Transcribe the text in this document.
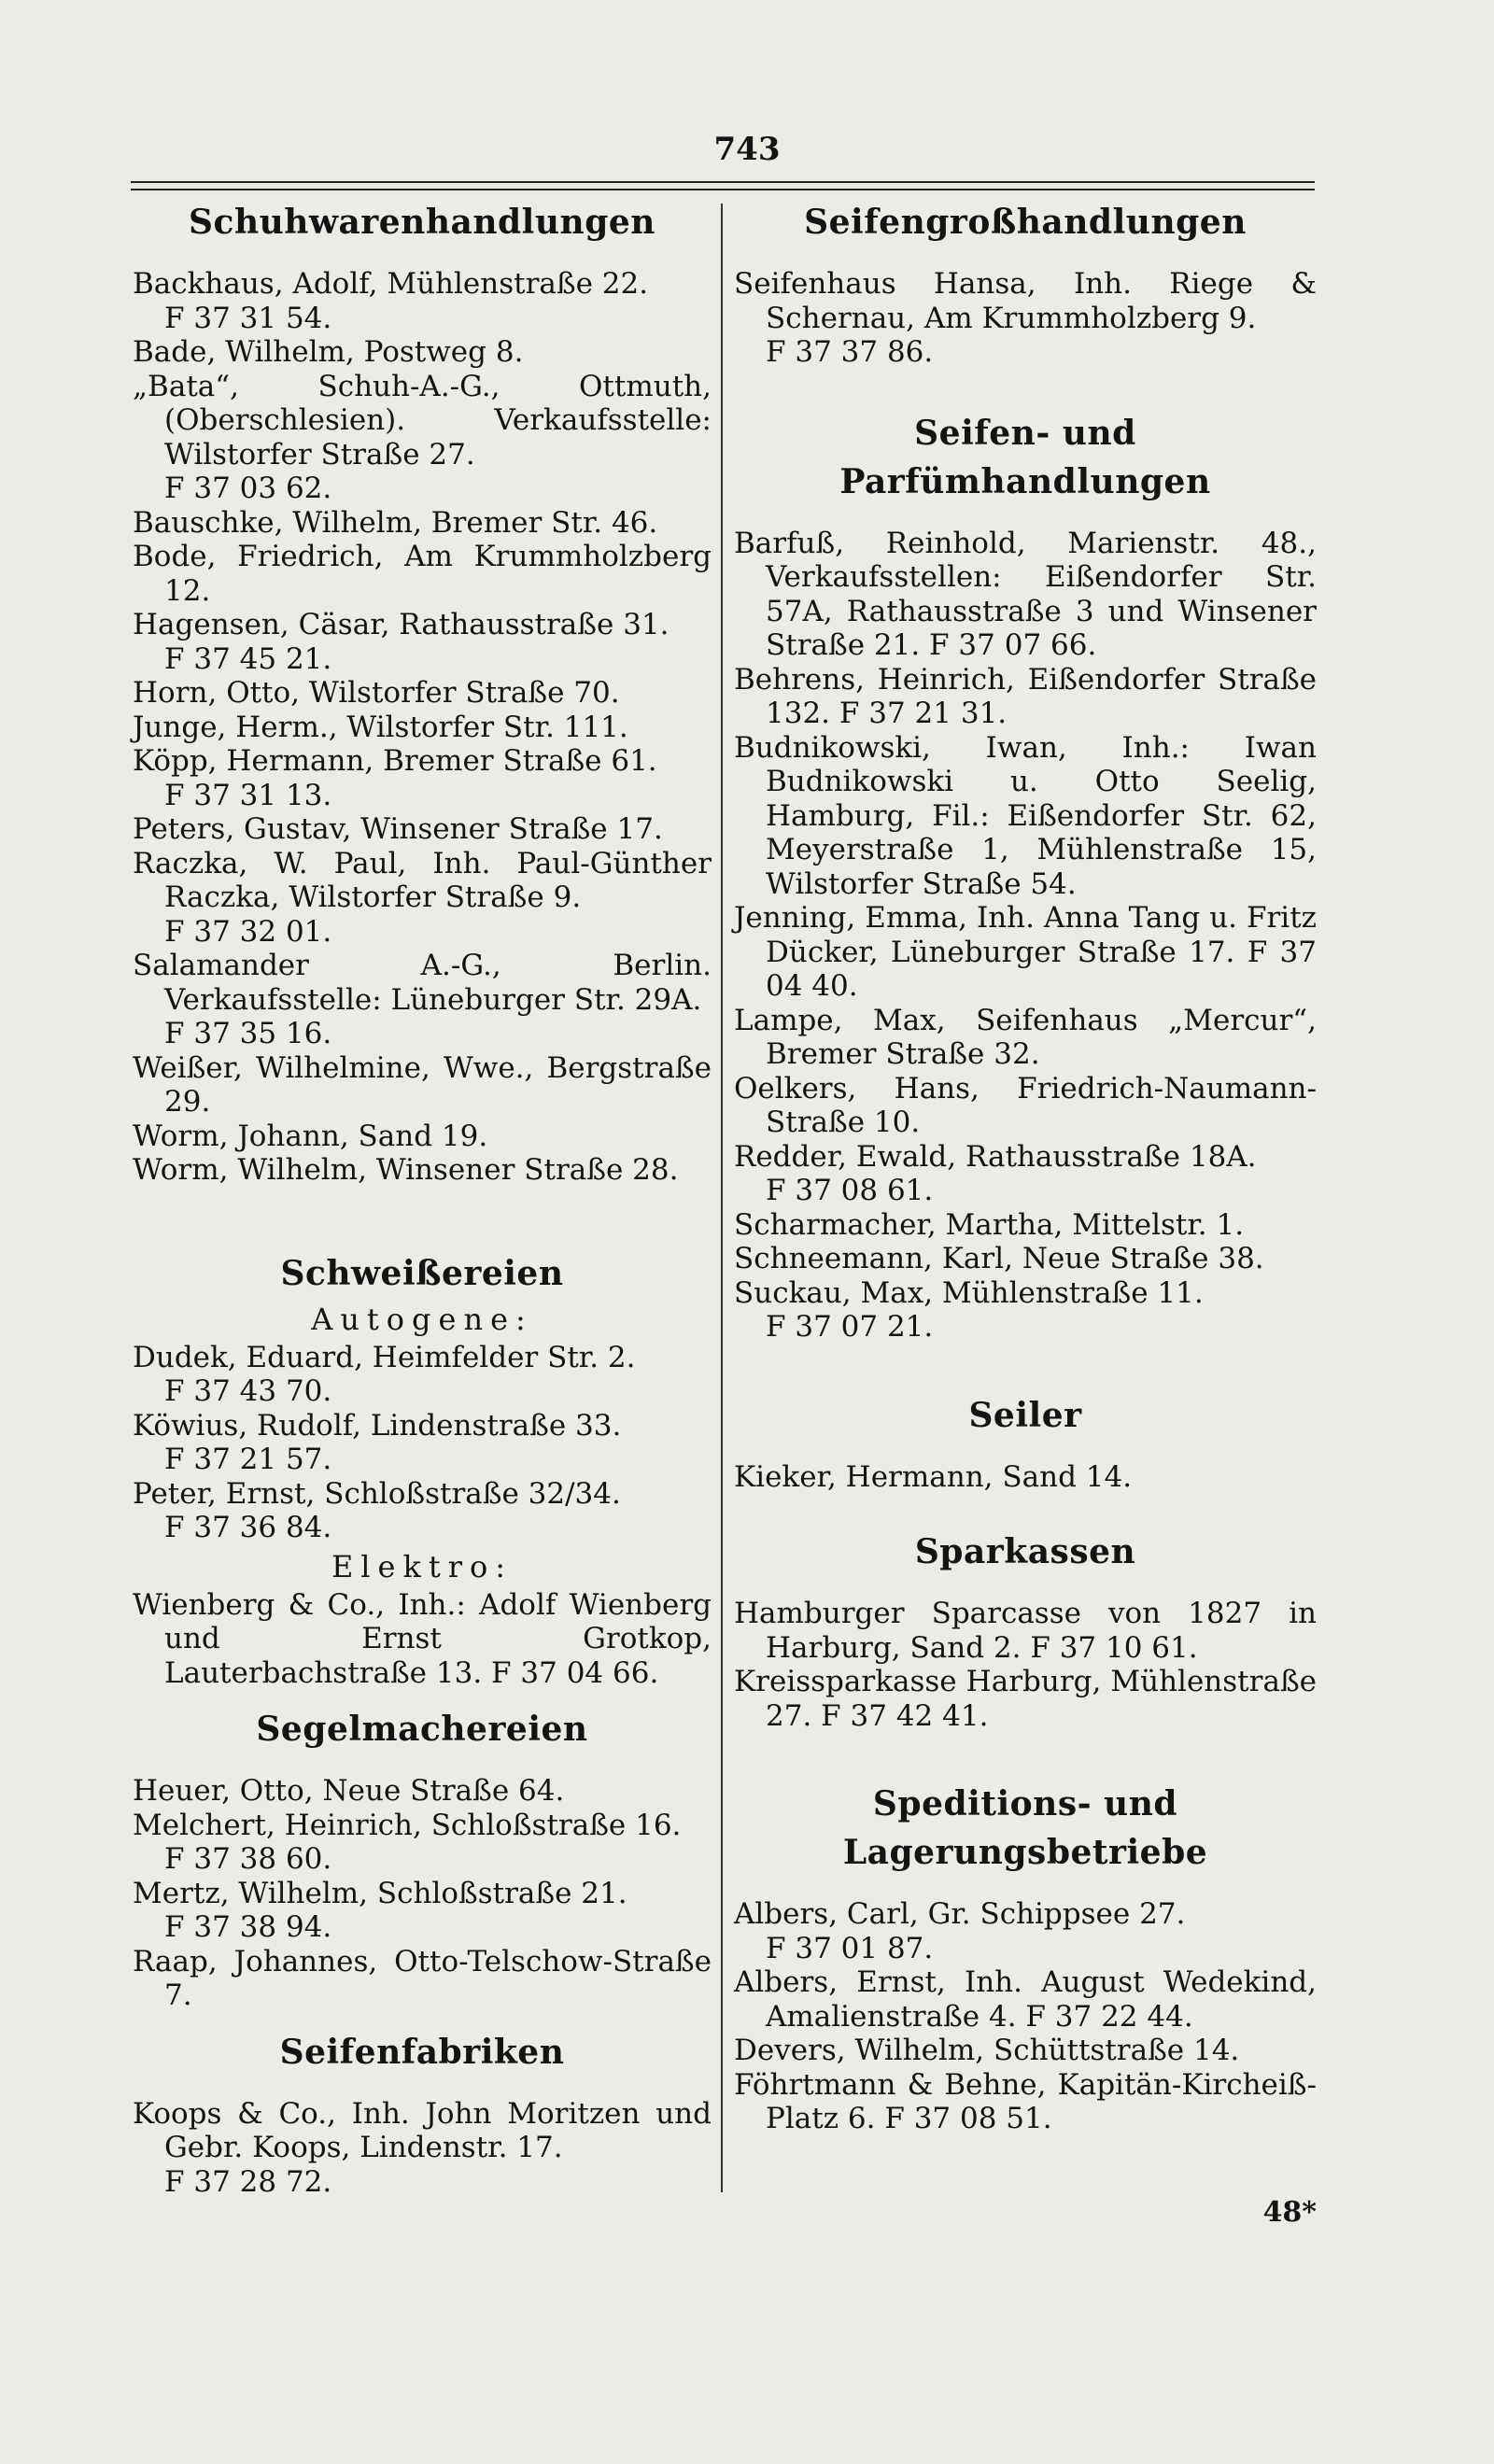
743

Schuhwarenhandlungen

Backhaus, Adolf, Mühlenstraße 22.
F 37 31 54.

Bade, Wilhelm, Postweg 8.

„Bata“, Schuh-A.-G., Ottmuth, (Oberschlesien). Verkaufsstelle: Wilstorfer Straße 27.
F 37 03 62.

Bauschke, Wilhelm, Bremer Str. 46.

Bode, Friedrich, Am Krummholzberg 12.

Hagensen, Cäsar, Rathausstraße 31.
F 37 45 21.

Horn, Otto, Wilstorfer Straße 70.

Junge, Herm., Wilstorfer Str. 111.

Köpp, Hermann, Bremer Straße 61.
F 37 31 13.

Peters, Gustav, Winsener Straße 17.

Raczka, W. Paul, Inh. Paul-Günther Raczka, Wilstorfer Straße 9.
F 37 32 01.

Salamander A.-G., Berlin. Verkaufsstelle: Lüneburger Str. 29A.
F 37 35 16.

Weißer, Wilhelmine, Wwe., Bergstraße 29.

Worm, Johann, Sand 19.

Worm, Wilhelm, Winsener Straße 28.

Schweißereien

Autogene:

Dudek, Eduard, Heimfelder Str. 2.
F 37 43 70.

Köwius, Rudolf, Lindenstraße 33.
F 37 21 57.

Peter, Ernst, Schloßstraße 32/34.
F 37 36 84.

Elektro:

Wienberg & Co., Inh.: Adolf Wienberg und Ernst Grotkop, Lauterbachstraße 13. F 37 04 66.

Segelmachereien

Heuer, Otto, Neue Straße 64.

Melchert, Heinrich, Schloßstraße 16.
F 37 38 60.

Mertz, Wilhelm, Schloßstraße 21.
F 37 38 94.

Raap, Johannes, Otto-Telschow-Straße 7.

Seifenfabriken

Koops & Co., Inh. John Moritzen und Gebr. Koops, Lindenstr. 17.
F 37 28 72.

Seifengroßhandlungen

Seifenhaus Hansa, Inh. Riege & Schernau, Am Krummholzberg 9.
F 37 37 86.

Seifen- und Parfümhandlungen

Barfuß, Reinhold, Marienstr. 48., Verkaufsstellen: Eißendorfer Str. 57A, Rathausstraße 3 und Winsener Straße 21. F 37 07 66.

Behrens, Heinrich, Eißendorfer Straße 132. F 37 21 31.

Budnikowski, Iwan, Inh.: Iwan Budnikowski u. Otto Seelig, Hamburg, Fil.: Eißendorfer Str. 62, Meyerstraße 1, Mühlenstraße 15, Wilstorfer Straße 54.

Jenning, Emma, Inh. Anna Tang u. Fritz Dücker, Lüneburger Straße 17. F 37 04 40.

Lampe, Max, Seifenhaus „Mercur“, Bremer Straße 32.

Oelkers, Hans, Friedrich-Naumann-Straße 10.

Redder, Ewald, Rathausstraße 18A.
F 37 08 61.

Scharmacher, Martha, Mittelstr. 1.

Schneemann, Karl, Neue Straße 38.

Suckau, Max, Mühlenstraße 11.
F 37 07 21.

Seiler

Kieker, Hermann, Sand 14.

Sparkassen

Hamburger Sparcasse von 1827 in Harburg, Sand 2. F 37 10 61.

Kreissparkasse Harburg, Mühlenstraße 27. F 37 42 41.

Speditions- und Lagerungsbetriebe

Albers, Carl, Gr. Schippsee 27.
F 37 01 87.

Albers, Ernst, Inh. August Wedekind, Amalienstraße 4. F 37 22 44.

Devers, Wilhelm, Schüttstraße 14.

Föhrtmann & Behne, Kapitän-Kircheiß-Platz 6. F 37 08 51.

48*
